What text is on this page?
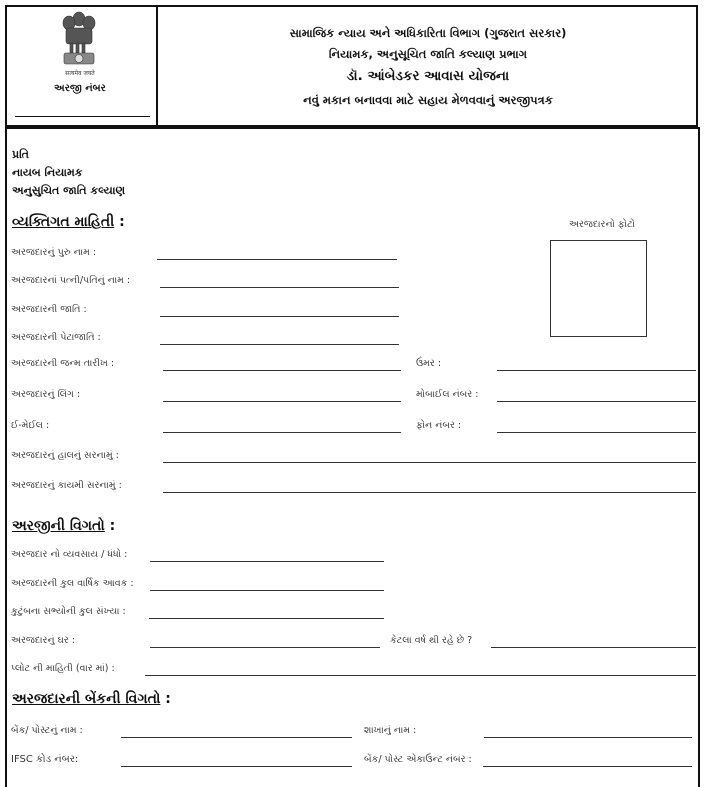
सत्यमेव जयते
અરજી નંબર
સામાજિક ન્યાય અને અધિકારિતા વિભાગ (ગુજરાત સરકાર)
નિયામક, અનુસૂચિત જાતિ કલ્યાણ પ્રભાગ
ડૉ. આંબેડકર આવાસ યોજના
નવું મકાન બનાવવા માટે સહાય મેળવવાનું અરજીપત્રક
પ્રતિ
નાયબ નિયામક
અનુસુચિત જાતિ કલ્યાણ
વ્યક્તિગત માહિતી :	અરજદારનો ફોટો
અરજદારનું પુરુ નામ :
અરજદારનાં પત્ની/પતિનું નામ :
અરજદારની જાતિ :
અરજદારની પેટાજાતિ :
અરજદારની જન્મ તારીખ :	ઉંમર :
અરજદારનું લિંગ :	મોબાઈલ નંબર :
ઈ-મેઈલ :	ફોન નંબર :
અરજદારનું હાલનું સરનામું :
અરજદારનું કાયમી સરનામું :
અરજીની વિગતો :
અરજદાર નો વ્યવસાય / ધંધો :
અરજદારની કુલ વાર્ષિક આવક :
કુટુંબના સભ્યોની કુલ સંખ્યા :
અરજદારનું ઘર :	કેટલા વર્ષ થી રહે છે ?
પ્લોટ ની માહિતી (વાર માં) :
અરજદારની બેંકની વિગતો :
બેંક/ પોસ્ટનું નામ :	શાખાનું નામ :
IFSC કોડ નંબર:	બેંક/ પોસ્ટ એકાઉન્ટ નંબર :
